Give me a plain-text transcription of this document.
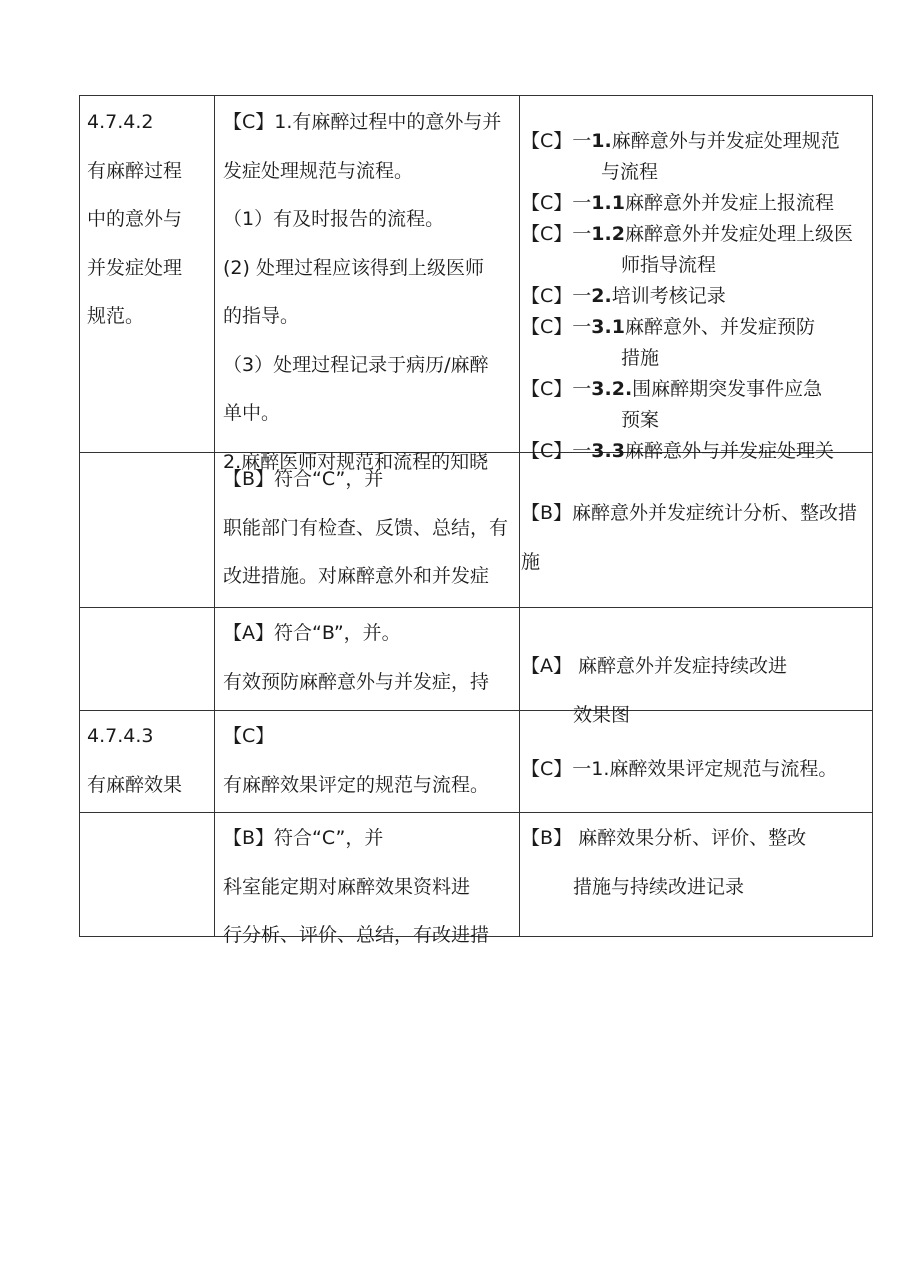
4.7.4.2

有麻醉过程

中的意外与

并发症处理

规范。

【C】1.有麻醉过程中的意外与并

发症处理规范与流程。

（1）有及时报告的流程。

(2) 处理过程应该得到上级医师

的指导。

（3）处理过程记录于病历/麻醉

单中。

2.麻醉医师对规范和流程的知晓

【C】一1.麻醉意外与并发症处理规范

与流程

【C】一1.1麻醉意外并发症上报流程

【C】一1.2麻醉意外并发症处理上级医

师指导流程

【C】一2.培训考核记录

【C】一3.1麻醉意外、并发症预防

措施

【C】一3.2.围麻醉期突发事件应急

预案

【C】一3.3麻醉意外与并发症处理关

【B】符合“C”，并

职能部门有检查、反馈、总结，有

改进措施。对麻醉意外和并发症

【B】麻醉意外并发症统计分析、整改措

施

【A】符合“B”，并。

有效预防麻醉意外与并发症，持

【A】 麻醉意外并发症持续改进

效果图

4.7.4.3

有麻醉效果

【C】

有麻醉效果评定的规范与流程。

【C】一1.麻醉效果评定规范与流程。

【B】符合“C”，并

科室能定期对麻醉效果资料进

行分析、评价、总结，有改进措

【B】 麻醉效果分析、评价、整改

措施与持续改进记录
